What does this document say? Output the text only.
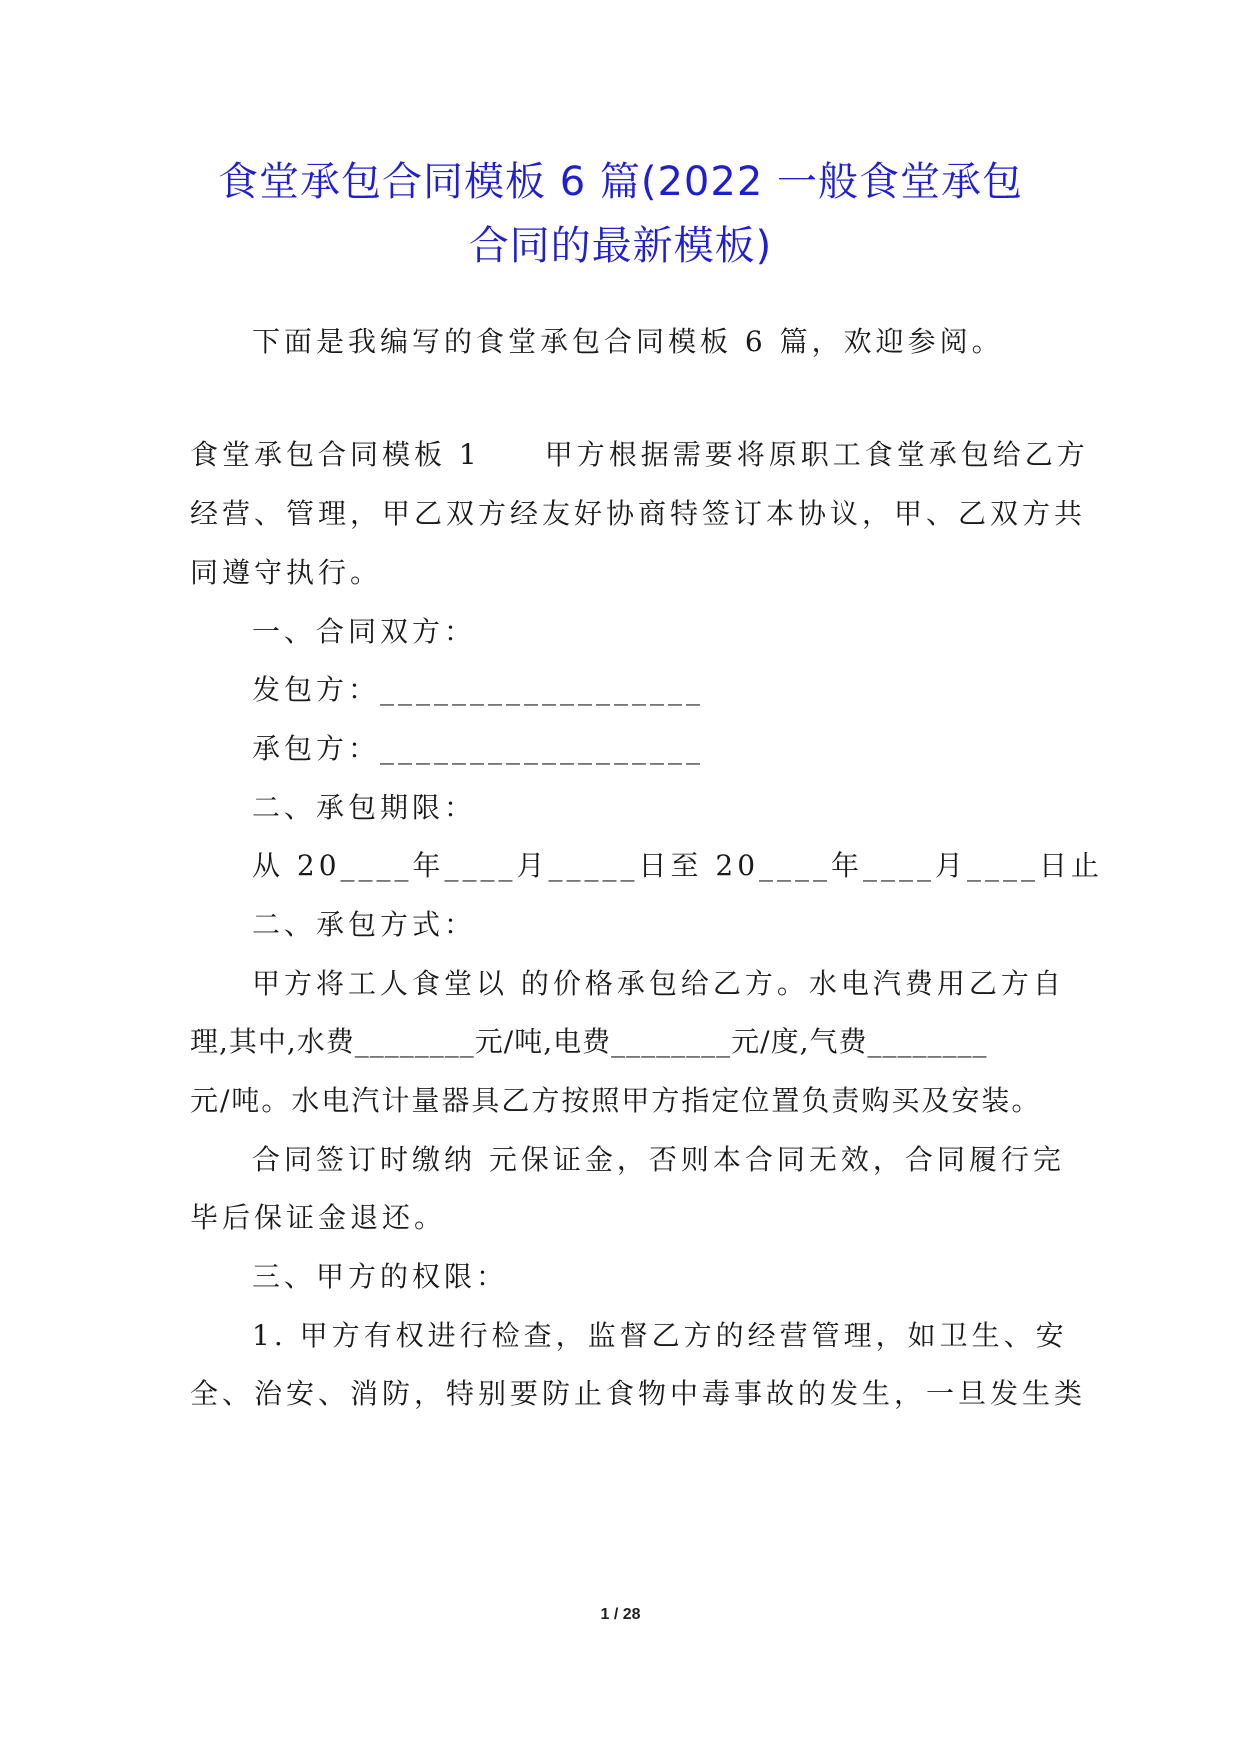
食堂承包合同模板 6 篇(2022 一般食堂承包
合同的最新模板)

下面是我编写的食堂承包合同模板 6 篇，欢迎参阅。

食堂承包合同模板 1　　甲方根据需要将原职工食堂承包给乙方

经营、管理，甲乙双方经友好协商特签订本协议，甲、乙双方共

同遵守执行。

一、合同双方：

发包方：__________________

承包方：__________________

二、承包期限：

从 20____年____月_____日至 20____年____月____日止

二、承包方式：

甲方将工人食堂以 的价格承包给乙方。水电汽费用乙方自

理,其中,水费________元/吨,电费________元/度,气费________

元/吨。水电汽计量器具乙方按照甲方指定位置负责购买及安装。

合同签订时缴纳 元保证金，否则本合同无效，合同履行完

毕后保证金退还。

三、甲方的权限：

1. 甲方有权进行检查，监督乙方的经营管理，如卫生、安

全、治安、消防，特别要防止食物中毒事故的发生，一旦发生类

1 / 28
